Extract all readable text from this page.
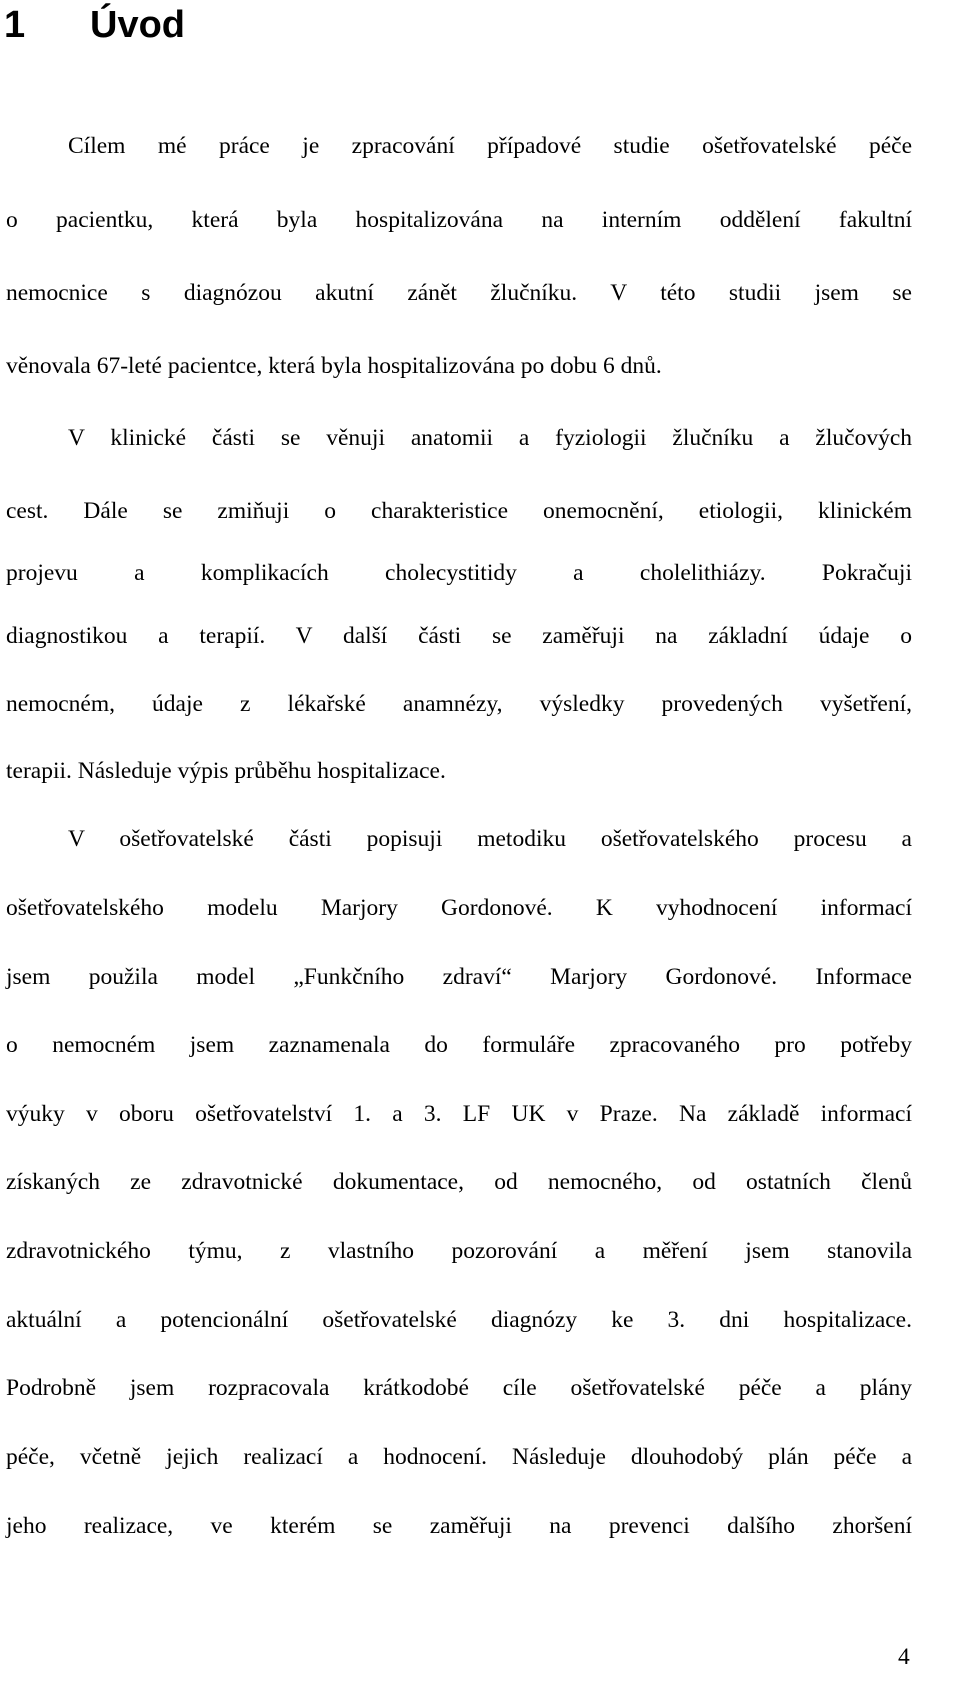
1 Úvod

Cílem mé práce je zpracování případové studie ošetřovatelské péče

o pacientku, která byla hospitalizována na interním oddělení fakultní

nemocnice s diagnózou akutní zánět žlučníku. V této studii jsem se

věnovala 67-leté pacientce, která byla hospitalizována po dobu 6 dnů.

V klinické části se věnuji anatomii a fyziologii žlučníku a žlučových

cest. Dále se zmiňuji o charakteristice onemocnění, etiologii, klinickém

projevu a komplikacích cholecystitidy a cholelithiázy. Pokračuji

diagnostikou a terapií. V další části se zaměřuji na základní údaje o

nemocném, údaje z lékařské anamnézy, výsledky provedených vyšetření,

terapii. Následuje výpis průběhu hospitalizace.

V ošetřovatelské části popisuji metodiku ošetřovatelského procesu a

ošetřovatelského modelu Marjory Gordonové. K vyhodnocení informací

jsem použila model „Funkčního zdraví“ Marjory Gordonové. Informace

o nemocném jsem zaznamenala do formuláře zpracovaného pro potřeby

výuky v oboru ošetřovatelství 1. a 3. LF UK v Praze. Na základě informací

získaných ze zdravotnické dokumentace, od nemocného, od ostatních členů

zdravotnického týmu, z vlastního pozorování a měření jsem stanovila

aktuální a potencionální ošetřovatelské diagnózy ke 3. dni hospitalizace.

Podrobně jsem rozpracovala krátkodobé cíle ošetřovatelské péče a plány

péče, včetně jejich realizací a hodnocení. Následuje dlouhodobý plán péče a

jeho realizace, ve kterém se zaměřuji na prevenci dalšího zhoršení

4
